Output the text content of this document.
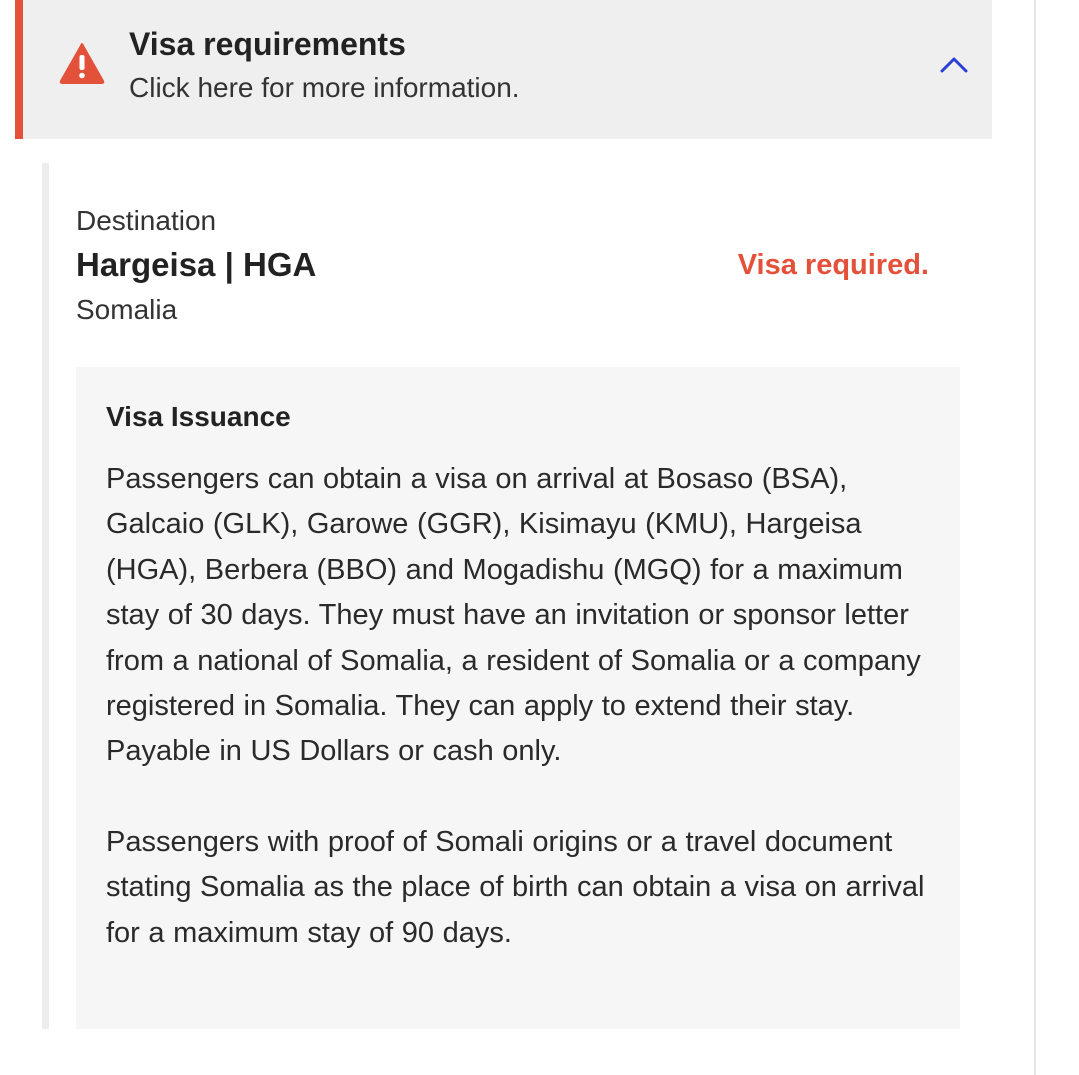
Visa requirements
Click here for more information.
Destination
Hargeisa | HGA
Somalia
Visa required.
Visa Issuance

Passengers can obtain a visa on arrival at Bosaso (BSA), Galcaio (GLK), Garowe (GGR), Kisimayu (KMU), Hargeisa (HGA), Berbera (BBO) and Mogadishu (MGQ) for a maximum stay of 30 days. They must have an invitation or sponsor letter from a national of Somalia, a resident of Somalia or a company registered in Somalia. They can apply to extend their stay. Payable in US Dollars or cash only.

Passengers with proof of Somali origins or a travel document stating Somalia as the place of birth can obtain a visa on arrival for a maximum stay of 90 days.
